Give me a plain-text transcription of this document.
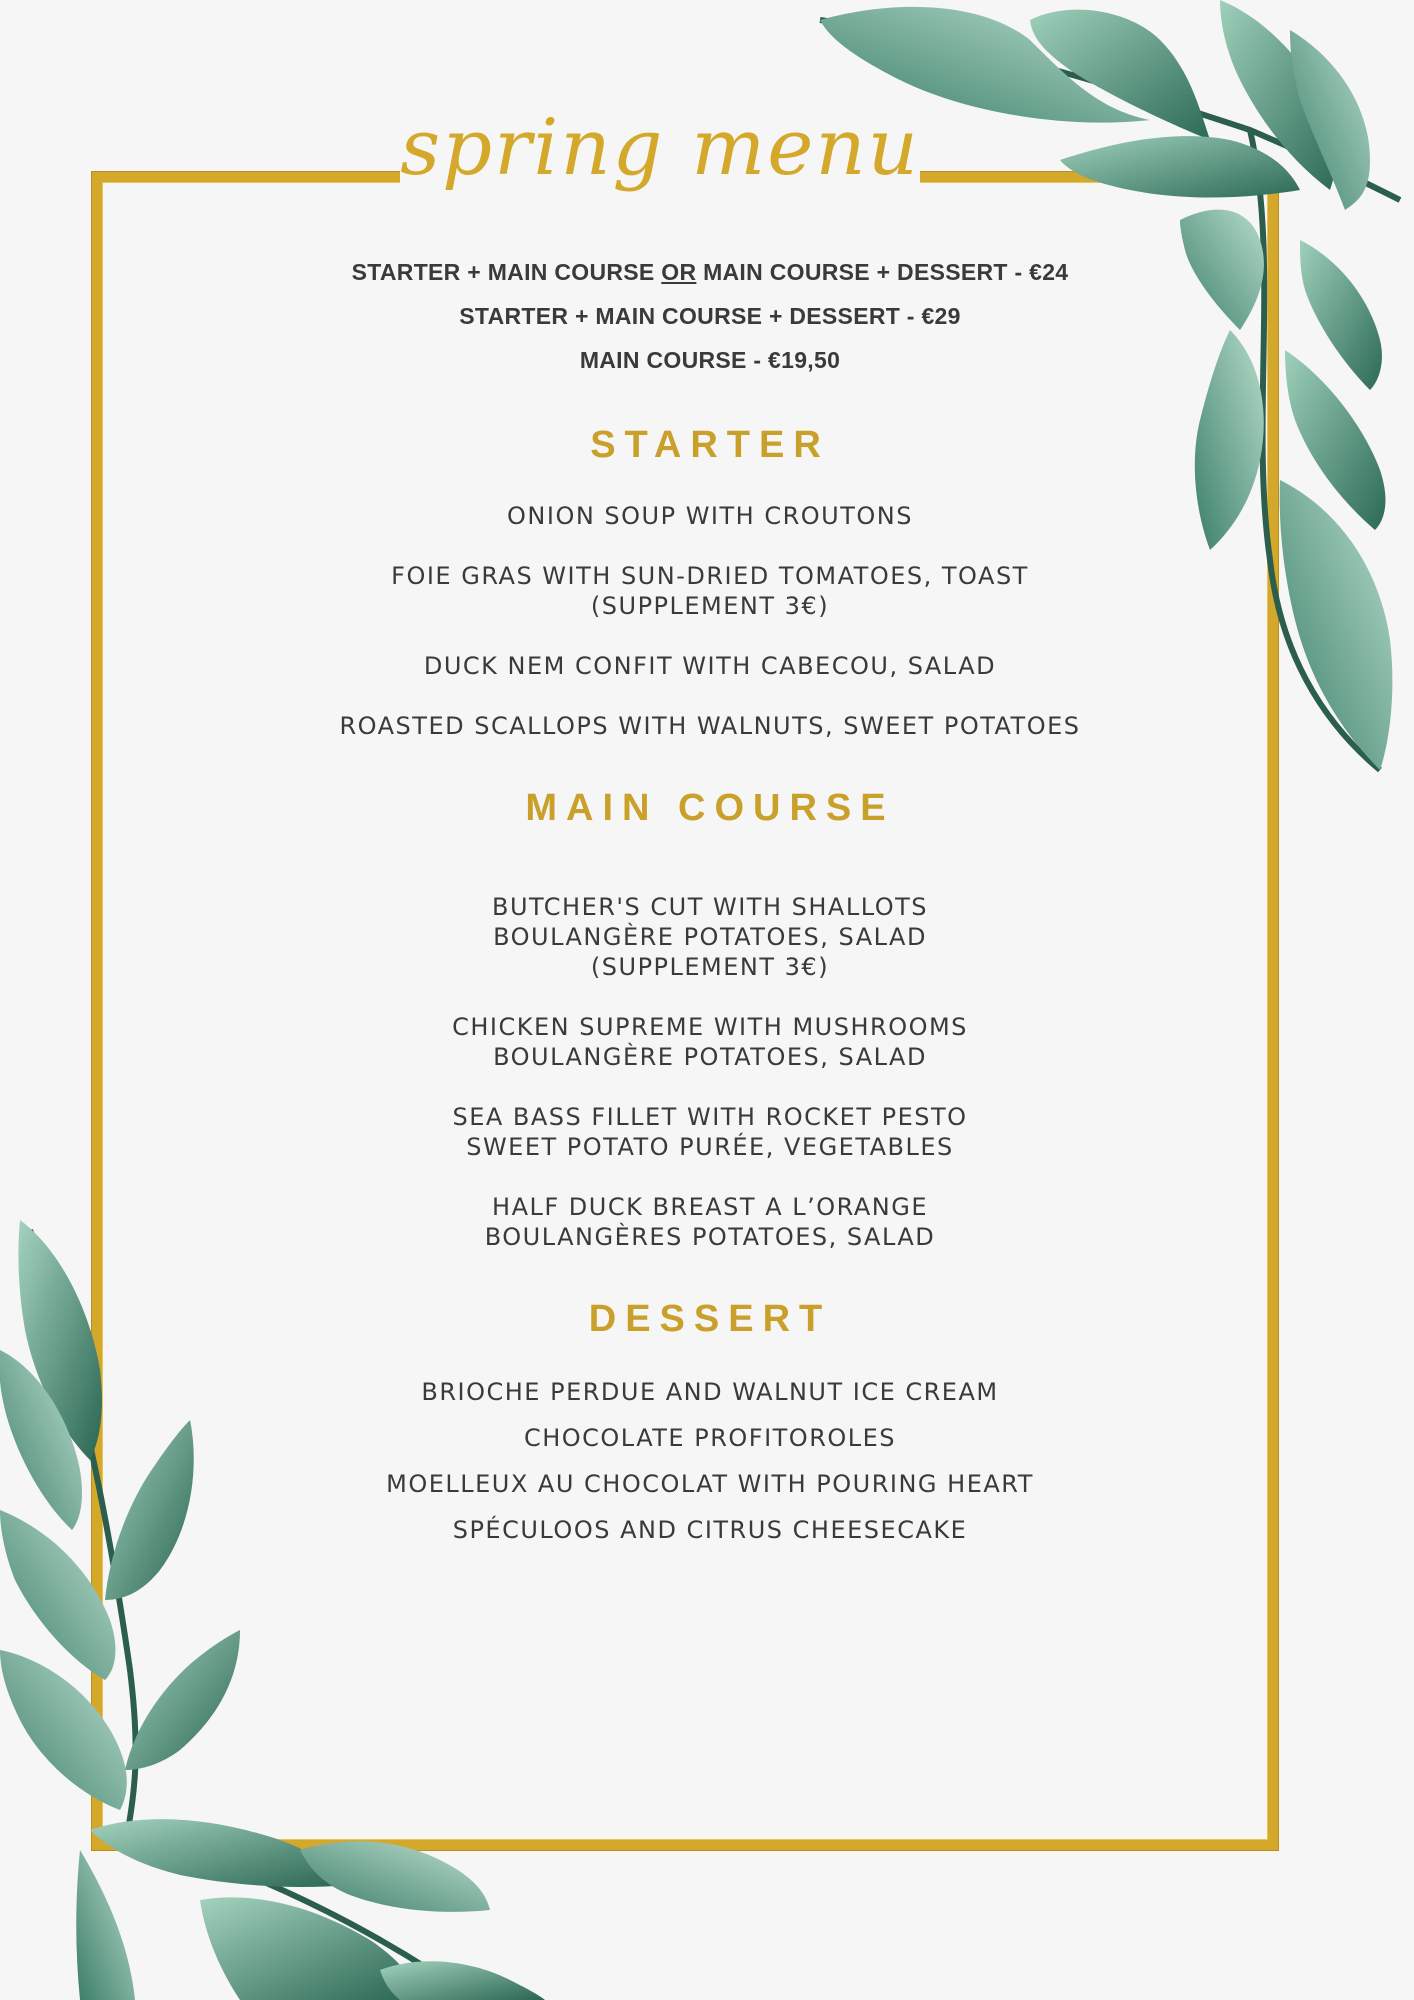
spring menu
STARTER + MAIN COURSE OR MAIN COURSE + DESSERT - €24
STARTER + MAIN COURSE + DESSERT - €29
MAIN COURSE - €19,50
STARTER
ONION SOUP WITH CROUTONS
FOIE GRAS WITH SUN-DRIED TOMATOES, TOAST
(SUPPLEMENT 3€)
DUCK NEM CONFIT WITH CABECOU, SALAD
ROASTED SCALLOPS WITH WALNUTS, SWEET POTATOES
MAIN COURSE
BUTCHER'S CUT WITH SHALLOTS
BOULANGÈRE POTATOES, SALAD
(SUPPLEMENT 3€)
CHICKEN SUPREME WITH MUSHROOMS
BOULANGÈRE POTATOES, SALAD
SEA BASS FILLET WITH ROCKET PESTO
SWEET POTATO PURÉE, VEGETABLES
HALF DUCK BREAST A L’ORANGE
BOULANGÈRES POTATOES, SALAD
DESSERT
BRIOCHE PERDUE AND WALNUT ICE CREAM
CHOCOLATE PROFITOROLES
MOELLEUX AU CHOCOLAT WITH POURING HEART
SPÉCULOOS AND CITRUS CHEESECAKE
